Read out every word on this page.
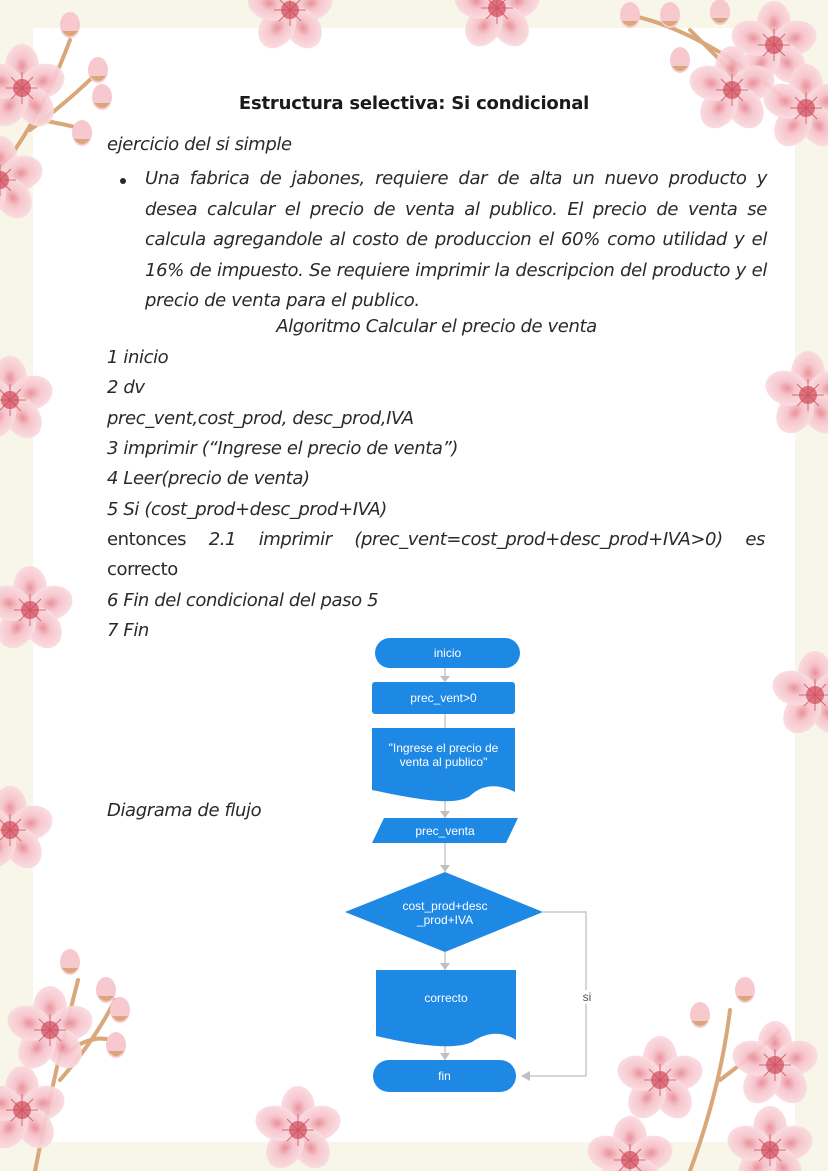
Estructura selectiva: Si condicional
ejercicio del si simple
Una fabrica de jabones, requiere dar de alta un nuevo producto y desea calcular el precio de venta al publico. El precio de venta se calcula agregandole al costo de produccion el 60% como utilidad y el 16% de impuesto. Se requiere imprimir la descripcion del producto y el precio de venta para el publico.
Algoritmo Calcular el precio de venta
1 inicio
2 dv
prec_vent,cost_prod, desc_prod,IVA
3 imprimir (“Ingrese el precio de venta”)
4 Leer(precio de venta)
5 Si (cost_prod+desc_prod+IVA)
entonces 2.1 imprimir (prec_vent=cost_prod+desc_prod+IVA>0) es
correcto
6 Fin del condicional del paso 5
7 Fin
Diagrama de flujo
inicio
prec_vent>0
"Ingrese el precio de
venta al publico"
prec_venta
cost_prod+desc
_prod+IVA
correcto
fin
si
